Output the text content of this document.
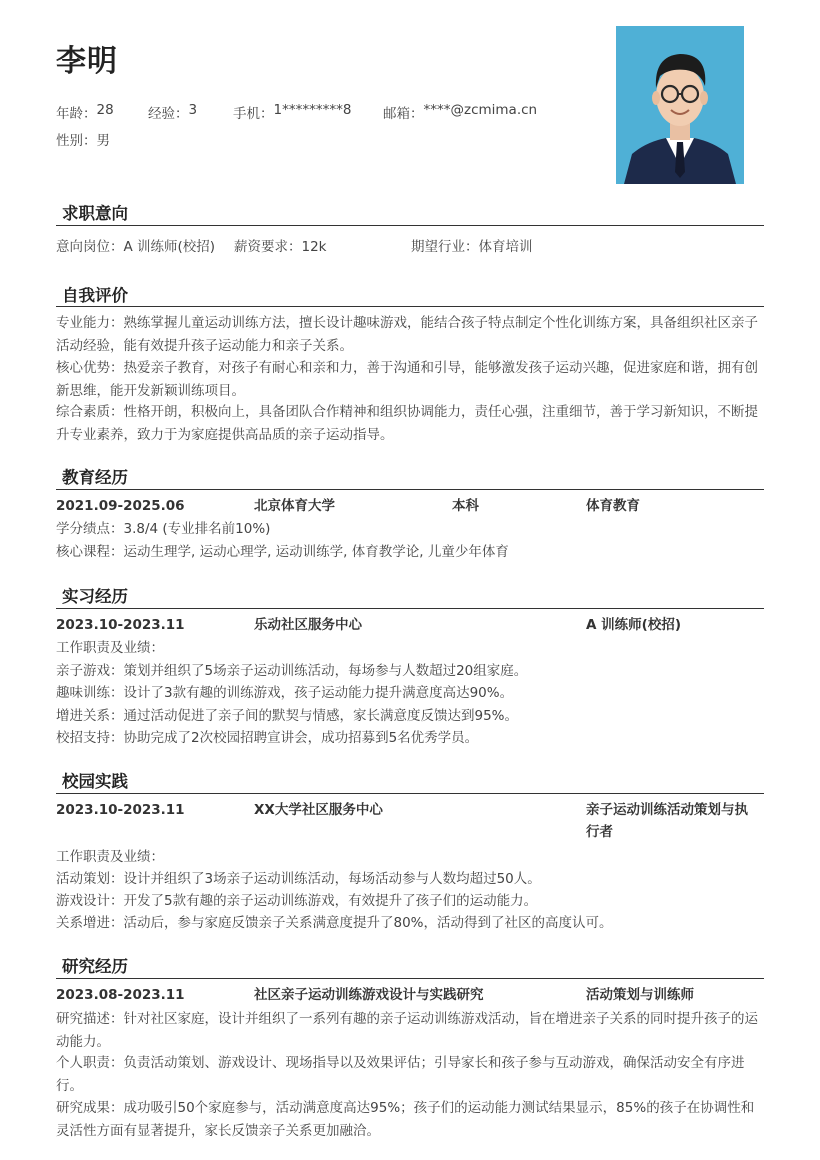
李明
年龄： 28	经验： 3	手机： 1*********8 邮箱： ****@zcmima.cn
性别： 男
求职意向
意向岗位：A 训练师(校招) 薪资要求：12k	期望行业：体育培训
自我评价
专业能力：熟练掌握儿童运动训练方法，擅长设计趣味游戏，能结合孩子特点制定个性化训练方案，具备组织社区亲子活动经验，能有效提升孩子运动能力和亲子关系。
核心优势：热爱亲子教育，对孩子有耐心和亲和力，善于沟通和引导，能够激发孩子运动兴趣，促进家庭和谐，拥有创新思维，能开发新颖训练项目。
综合素质：性格开朗，积极向上，具备团队合作精神和组织协调能力，责任心强，注重细节，善于学习新知识，不断提升专业素养，致力于为家庭提供高品质的亲子运动指导。
教育经历
2021.09-2025.06	北京体育大学	本科	体育教育
学分绩点：3.8/4 (专业排名前10%)
核心课程：运动生理学, 运动心理学, 运动训练学, 体育教学论, 儿童少年体育
实习经历
2023.10-2023.11	乐动社区服务中心	A 训练师(校招)
工作职责及业绩：
亲子游戏：策划并组织了5场亲子运动训练活动，每场参与人数超过20组家庭。
趣味训练：设计了3款有趣的训练游戏，孩子运动能力提升满意度高达90%。
增进关系：通过活动促进了亲子间的默契与情感，家长满意度反馈达到95%。
校招支持：协助完成了2次校园招聘宣讲会，成功招募到5名优秀学员。
校园实践
2023.10-2023.11	XX大学社区服务中心	亲子运动训练活动策划与执
行者
工作职责及业绩：
活动策划：设计并组织了3场亲子运动训练活动，每场活动参与人数均超过50人。
游戏设计：开发了5款有趣的亲子运动训练游戏，有效提升了孩子们的运动能力。
关系增进：活动后，参与家庭反馈亲子关系满意度提升了80%，活动得到了社区的高度认可。
研究经历
2023.08-2023.11	社区亲子运动训练游戏设计与实践研究	活动策划与训练师
研究描述：针对社区家庭，设计并组织了一系列有趣的亲子运动训练游戏活动，旨在增进亲子关系的同时提升孩子的运动能力。
个人职责：负责活动策划、游戏设计、现场指导以及效果评估；引导家长和孩子参与互动游戏，确保活动安全有序进行。
研究成果：成功吸引50个家庭参与，活动满意度高达95%；孩子们的运动能力测试结果显示，85%的孩子在协调性和灵活性方面有显著提升，家长反馈亲子关系更加融洽。
